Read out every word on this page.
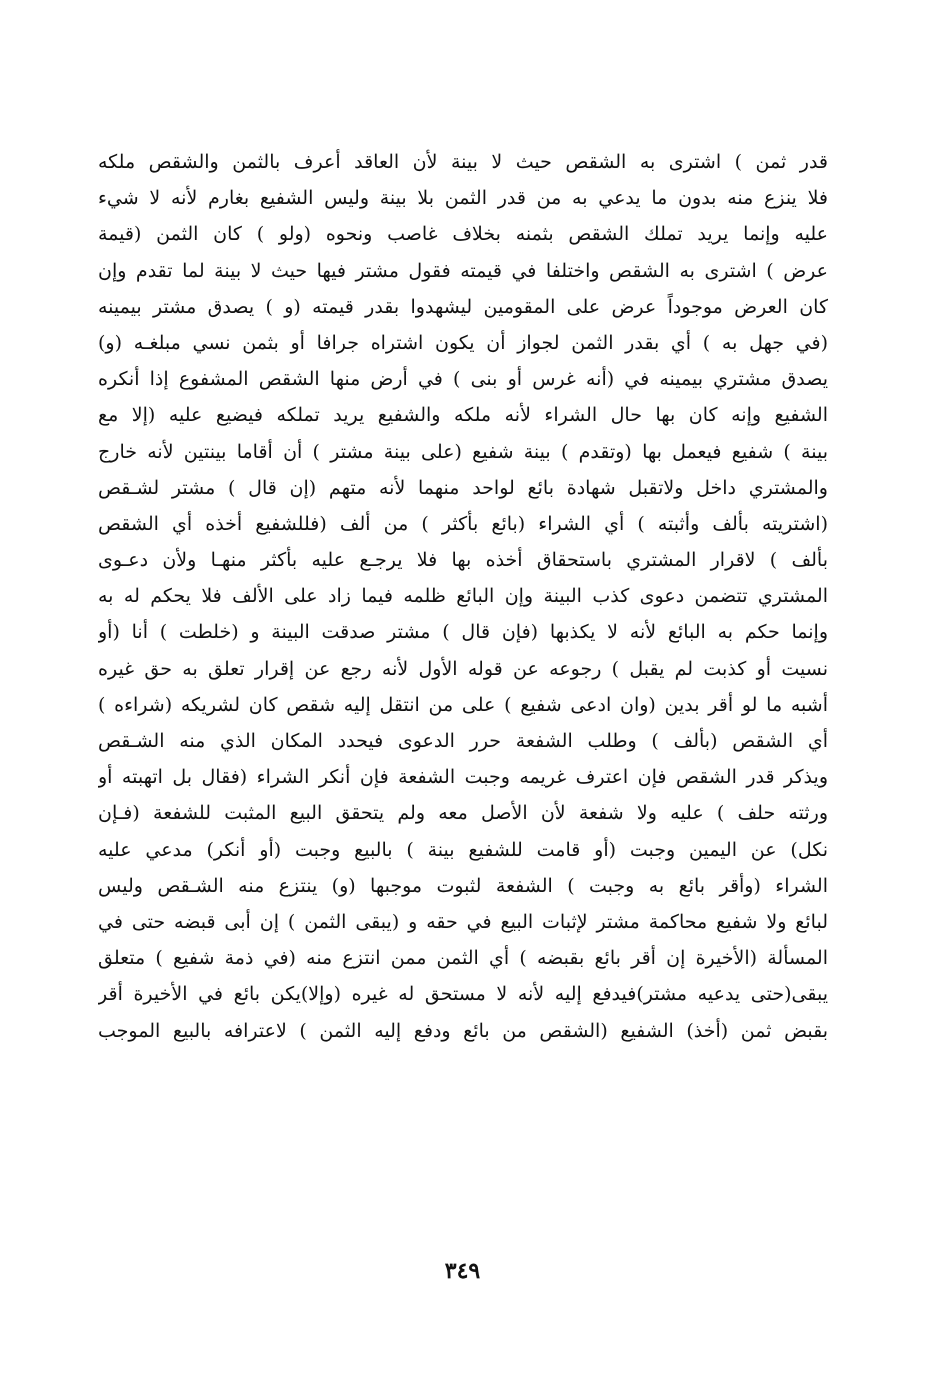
قدر ثمن ) اشترى به الشقص حيث لا بينة لأن العاقد أعرف بالثمن والشقص ملكه
فلا ينزع منه بدون ما يدعي به من قدر الثمن بلا بينة وليس الشفيع بغارم لأنه لا شيء
عليه وإنما يريد تملك الشقص بثمنه بخلاف غاصب ونحوه (ولو ) كان الثمن (قيمة
عرض ) اشترى به الشقص واختلفا في قيمته فقول مشتر فيها حيث لا بينة لما تقدم وإن
كان العرض موجوداً عرض على المقومين ليشهدوا بقدر قيمته (و ) يصدق مشتر بيمينه
(في جهل به ) أي بقدر الثمن لجواز أن يكون اشتراه جرافا أو بثمن نسي مبلغـه (و)
يصدق مشتري بيمينه في (أنه غرس أو بنى ) في أرض منها الشقص المشفوع إذا أنكره
الشفيع وإنه كان بها حال الشراء لأنه ملكه والشفيع يريد تملكه فيضيع عليه (إلا مع
بينة ) شفيع فيعمل بها (وتقدم ) بينة شفيع (على بينة مشتر ) أن أقاما بينتين لأنه خارج
والمشتري داخل ولاتقبل شهادة بائع لواحد منهما لأنه متهم (إن قال ) مشتر لشـقص
(اشتريته بألف وأثبته ) أي الشراء (بائع بأكثر ) من ألف (فللشفيع أخذه أي الشقص
بألف ) لاقرار المشتري باستحقاق أخذه بها فلا يرجـع عليه بأكثر منهـا ولأن دعـوى
المشتري تتضمن دعوى كذب البينة وإن البائع ظلمه فيما زاد على الألف فلا يحكم له به
وإنما حكم به البائع لأنه لا يكذبها (فإن قال ) مشتر صدقت البينة و (خلطت ) أنا (أو
نسيت أو كذبت لم يقبل ) رجوعه عن قوله الأول لأنه رجع عن إقرار تعلق به حق غيره
أشبه ما لو أقر بدين (وان ادعى شفيع ) على من انتقل إليه شقص كان لشريكه (شراءه )
أي الشقص (بألف ) وطلب الشفعة حرر الدعوى فيحدد المكان الذي منه الشـقص
ويذكر قدر الشقص فإن اعترف غريمه وجبت الشفعة فإن أنكر الشراء (فقال بل اتهبته أو
ورثته حلف ) عليه ولا شفعة لأن الأصل معه ولم يتحقق البيع المثبت للشفعة (فـإن
نكل) عن اليمين وجبت (أو قامت للشفيع بينة ) بالبيع وجبت (أو أنكر) مدعي عليه
الشراء (وأقر بائع به وجبت ) الشفعة لثبوت موجبها (و) ينتزع منه الشـقص وليس
لبائع ولا شفيع محاكمة مشتر لإثبات البيع في حقه و (يبقى الثمن ) إن أبى قبضه حتى في
المسألة (الأخيرة إن أقر بائع بقبضه ) أي الثمن ممن انتزع منه (في ذمة شفيع ) متعلق
يبقى(حتى يدعيه مشتر)فيدفع إليه لأنه لا مستحق له غيره (وإلا)يكن بائع في الأخيرة أقر
بقبض ثمن (أخذ) الشفيع (الشقص من بائع ودفع إليه الثمن ) لاعترافه بالبيع الموجب
٣٤٩
